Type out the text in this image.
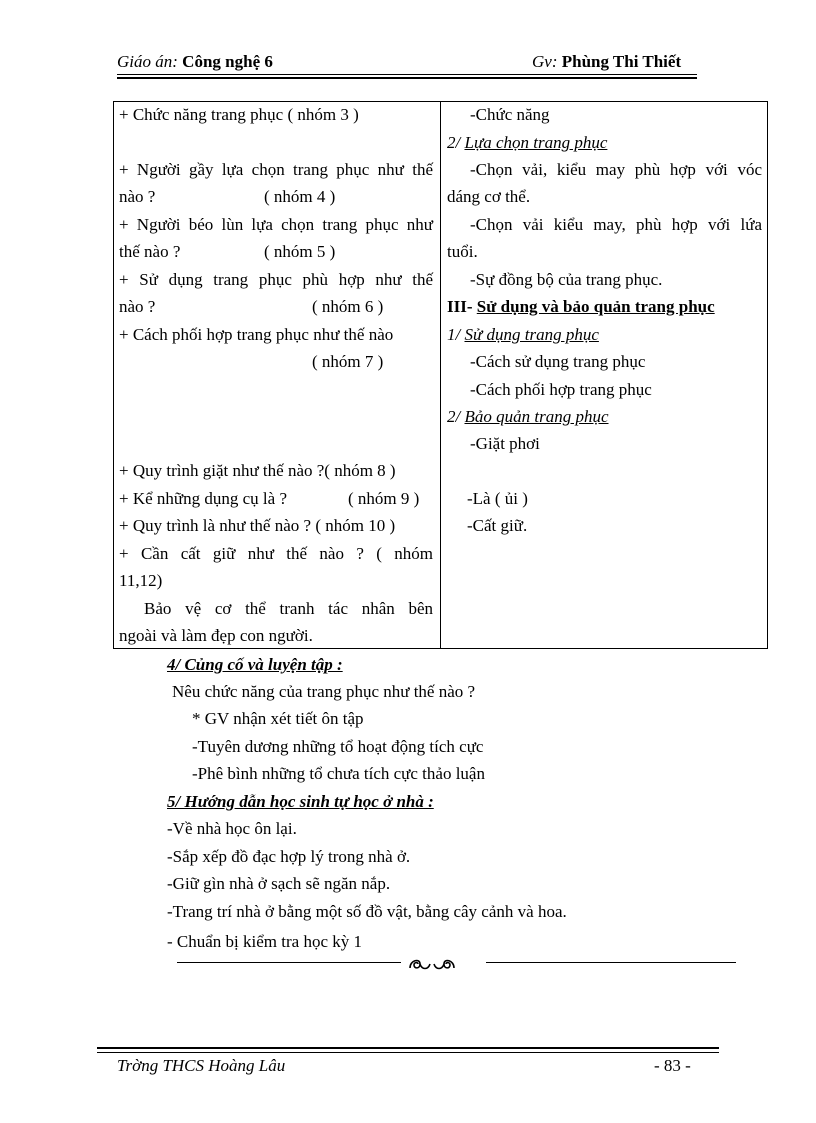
Giáo án: Công nghệ 6	Gv: Phùng Thi Thiết
+ Chức năng trang phục ( nhóm 3 )
+ Người gầy lựa chọn trang phục như thế
nào ?	( nhóm 4 )
+ Người béo lùn lựa chọn trang phục như
thế nào ?	( nhóm 5 )
+ Sử dụng trang phục phù hợp như thế
nào ?	( nhóm 6 )
+ Cách phối hợp trang phục như thế nào
( nhóm 7 )
+ Quy trình giặt như thế nào ?( nhóm 8 )
+ Kể những dụng cụ là ?	( nhóm 9 )
+ Quy trình là như thế nào ? ( nhóm 10 )
+ Cần cất giữ như thế nào ? ( nhóm
11,12)
Bảo vệ cơ thể tranh tác nhân bên
ngoài và làm đẹp con người.
-Chức năng
2/ Lựa chọn trang phục
-Chọn vải, kiểu may phù hợp với vóc
dáng cơ thể.
-Chọn vải kiểu may, phù hợp với lứa
tuổi.
-Sự đồng bộ của trang phục.
III- Sử dụng và bảo quản trang phục
1/ Sử dụng trang phục
-Cách sử dụng trang phục
-Cách phối hợp trang phục
2/ Bảo quản trang phục
-Giặt phơi
-Là ( ủi )
-Cất giữ.
4/ Củng cố và luyện tập :
Nêu chức năng của trang phục như thế nào ?
* GV nhận xét tiết ôn tập
-Tuyên dương những tổ hoạt động tích cực
-Phê bình những tổ chưa tích cực thảo luận
5/ Hướng dẫn học sinh tự học ở nhà :
-Về nhà học ôn lại.
-Sắp xếp đồ đạc hợp lý trong nhà ở.
-Giữ gìn nhà ở sạch sẽ ngăn nắp.
-Trang trí nhà ở bằng một số đồ vật, bằng cây cảnh và hoa.
- Chuẩn bị kiểm tra học kỳ 1
Trờng THCS Hoàng Lâu	- 83 -
